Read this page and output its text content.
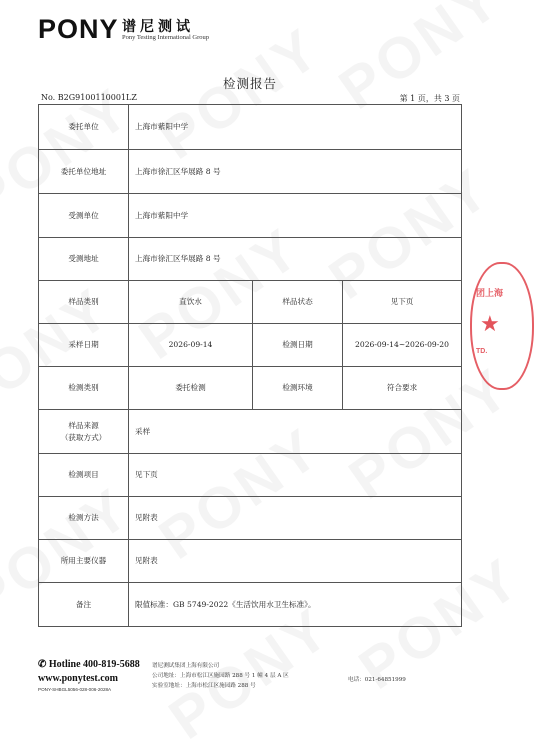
PONY 谱尼测试
Pony Testing International Group
检测报告
No. B2G9100110001LZ	第 1 页，共 3 页
委托单位	上海市紫阳中学		
委托单位地址	上海市徐汇区华展路 8 号		
受测单位	上海市紫阳中学		
受测地址	上海市徐汇区华展路 8 号		
样品类别	直饮水	样品状态	见下页
采样日期	2026-09-14	检测日期	2026-09-14~2026-09-20
检测类别	委托检测	检测环境	符合要求

样品来源
（获取方式）	采样		
检测项目	见下页		
检测方法	见附表		
所用主要仪器	见附表		
备注	限值标准：GB 5749-2022《生活饮用水卫生标准》。		
团上海
★
TD.
✆ Hotline 400-819-5688
www.ponytest.com
PONY-SHBGL5056-028-006-2028A
谱尼测试集团上海有限公司
公司地址：上海市松江区施园路 288 号 1 幢 4 层 A 区
实验室地址：上海市松江区施园路 288 号
电话：021-64851999
